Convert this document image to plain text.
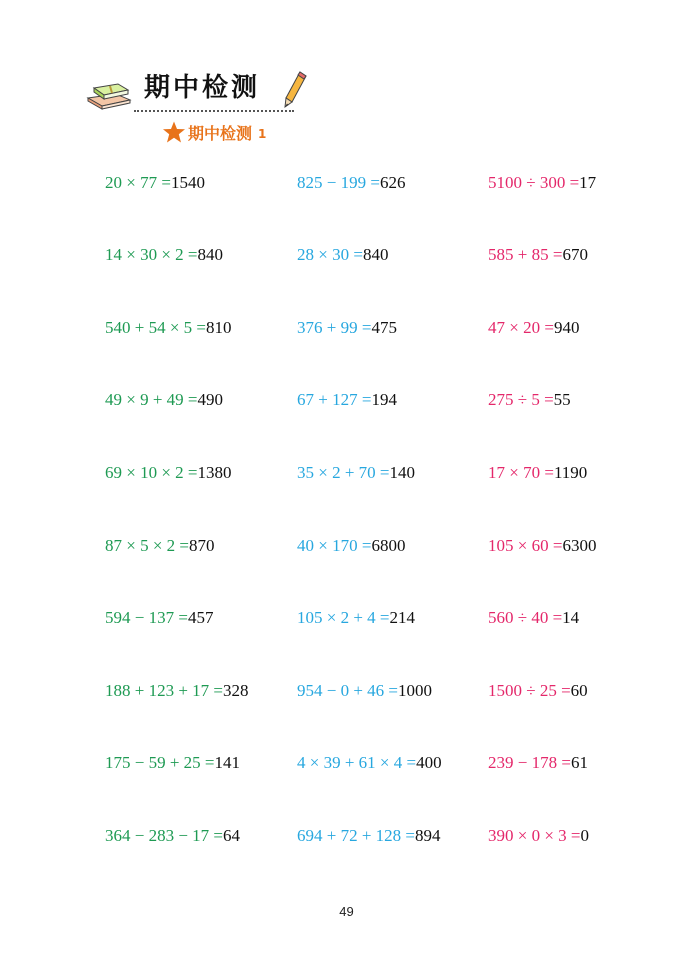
期中检测
期中检测 1
20 × 77 =1540	825 − 199 =626	5100 ÷ 300 =17
14 × 30 × 2 =840	28 × 30 =840	585 + 85 =670
540 + 54 × 5 =810	376 + 99 =475	47 × 20 =940
49 × 9 + 49 =490	67 + 127 =194	275 ÷ 5 =55
69 × 10 × 2 =1380	35 × 2 + 70 =140	17 × 70 =1190
87 × 5 × 2 =870	40 × 170 =6800	105 × 60 =6300
594 − 137 =457	105 × 2 + 4 =214	560 ÷ 40 =14
188 + 123 + 17 =328	954 − 0 + 46 =1000	1500 ÷ 25 =60
175 − 59 + 25 =141	4 × 39 + 61 × 4 =400	239 − 178 =61
364 − 283 − 17 =64	694 + 72 + 128 =894	390 × 0 × 3 =0
49
